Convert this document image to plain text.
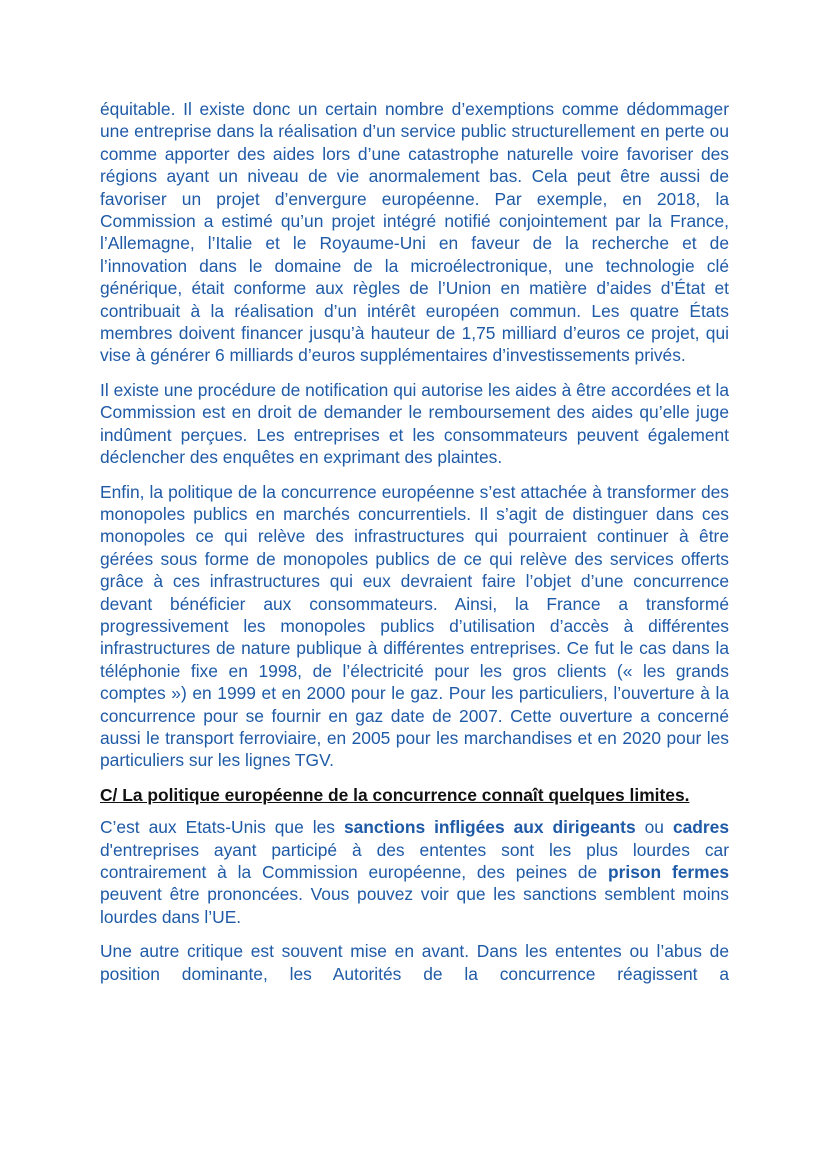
équitable. Il existe donc un certain nombre d’exemptions comme dédommager une entreprise dans la réalisation d’un service public structurellement en perte ou comme apporter des aides lors d’une catastrophe naturelle voire favoriser des régions ayant un niveau de vie anormalement bas. Cela peut être aussi de favoriser un projet d’envergure européenne. Par exemple, en 2018, la Commission a estimé qu’un projet intégré notifié conjointement par la France, l’Allemagne, l’Italie et le Royaume-Uni en faveur de la recherche et de l’innovation dans le domaine de la microélectronique, une technologie clé générique, était conforme aux règles de l’Union en matière d’aides d’État et contribuait à la réalisation d’un intérêt européen commun. Les quatre États membres doivent financer jusqu’à hauteur de 1,75 milliard d’euros ce projet, qui vise à générer 6 milliards d’euros supplémentaires d’investissements privés.

Il existe une procédure de notification qui autorise les aides à être accordées et la Commission est en droit de demander le remboursement des aides qu’elle juge indûment perçues. Les entreprises et les consommateurs peuvent également déclencher des enquêtes en exprimant des plaintes.

Enfin, la politique de la concurrence européenne s’est attachée à transformer des monopoles publics en marchés concurrentiels. Il s’agit de distinguer dans ces monopoles ce qui relève des infrastructures qui pourraient continuer à être gérées sous forme de monopoles publics de ce qui relève des services offerts grâce à ces infrastructures qui eux devraient faire l’objet d’une concurrence devant bénéficier aux consommateurs. Ainsi, la France a transformé progressivement les monopoles publics d’utilisation d’accès à différentes infrastructures de nature publique à différentes entreprises. Ce fut le cas dans la téléphonie fixe en 1998, de l’électricité pour les gros clients (« les grands comptes ») en 1999 et en 2000 pour le gaz. Pour les particuliers, l’ouverture à la concurrence pour se fournir en gaz date de 2007. Cette ouverture a concerné aussi le transport ferroviaire, en 2005 pour les marchandises et en 2020 pour les particuliers sur les lignes TGV.

C/ La politique européenne de la concurrence connaît quelques limites.

C’est aux Etats-Unis que les sanctions infligées aux dirigeants ou cadres d'entreprises ayant participé à des ententes sont les plus lourdes car contrairement à la Commission européenne, des peines de prison fermes peuvent être prononcées. Vous pouvez voir que les sanctions semblent moins lourdes dans l’UE.

Une autre critique est souvent mise en avant. Dans les ententes ou l’abus de position dominante, les Autorités de la concurrence réagissent a
